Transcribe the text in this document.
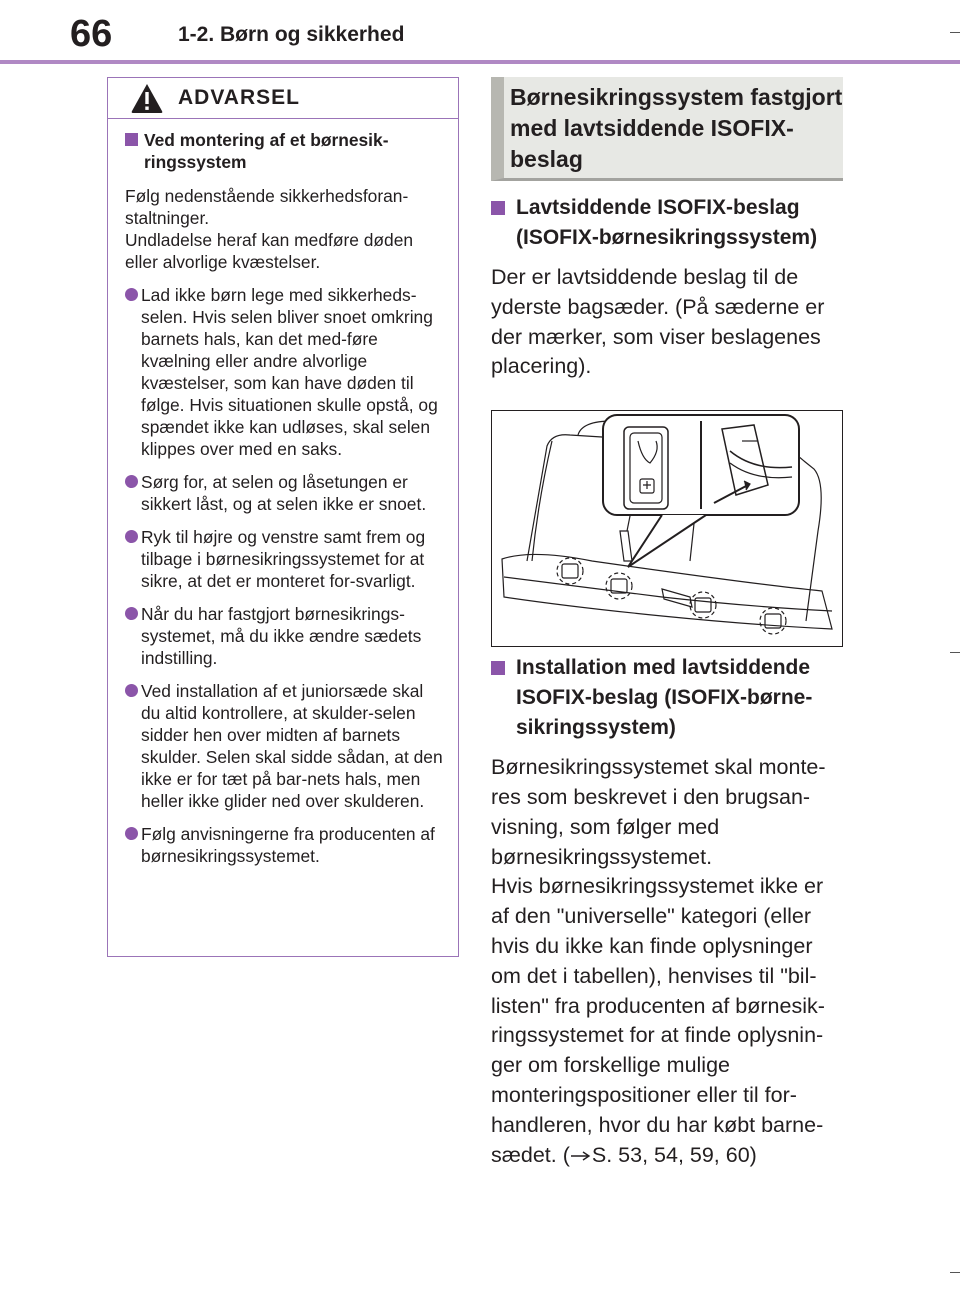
66	1-2. Børn og sikkerhed
ADVARSEL
Ved montering af et børnesik-ringssystem
Følg nedenstående sikkerhedsforan-staltninger.
Undladelse heraf kan medføre døden eller alvorlige kvæstelser.
Lad ikke børn lege med sikkerheds-selen. Hvis selen bliver snoet omkring barnets hals, kan det med-føre kvælning eller andre alvorlige kvæstelser, som kan have døden til følge. Hvis situationen skulle opstå, og spændet ikke kan udløses, skal selen klippes over med en saks.
Sørg for, at selen og låsetungen er sikkert låst, og at selen ikke er snoet.
Ryk til højre og venstre samt frem og tilbage i børnesikringssystemet for at sikre, at det er monteret for-svarligt.
Når du har fastgjort børnesikrings-systemet, må du ikke ændre sædets indstilling.
Ved installation af et juniorsæde skal du altid kontrollere, at skulder-selen sidder hen over midten af barnets skulder. Selen skal sidde sådan, at den ikke er for tæt på bar-nets hals, men heller ikke glider ned over skulderen.
Følg anvisningerne fra producenten af børnesikringssystemet.
Børnesikringssystem fastgjort med lavtsiddende ISOFIX-beslag
Lavtsiddende ISOFIX-beslag (ISOFIX-børnesikringssystem)
Der er lavtsiddende beslag til de yderste bagsæder. (På sæderne er der mærker, som viser beslagenes placering).
Installation med lavtsiddende ISOFIX-beslag (ISOFIX-børne-sikringssystem)
Børnesikringssystemet skal monte-res som beskrevet i den brugsan-visning, som følger med børnesikringssystemet.
Hvis børnesikringssystemet ikke er af den "universelle" kategori (eller hvis du ikke kan finde oplysninger om det i tabellen), henvises til "bil-listen" fra producenten af børnesik-ringssystemet for at finde oplysnin-ger om forskellige mulige monteringspositioner eller til for-handleren, hvor du har købt barne-sædet. ( S. 53, 54, 59, 60)
